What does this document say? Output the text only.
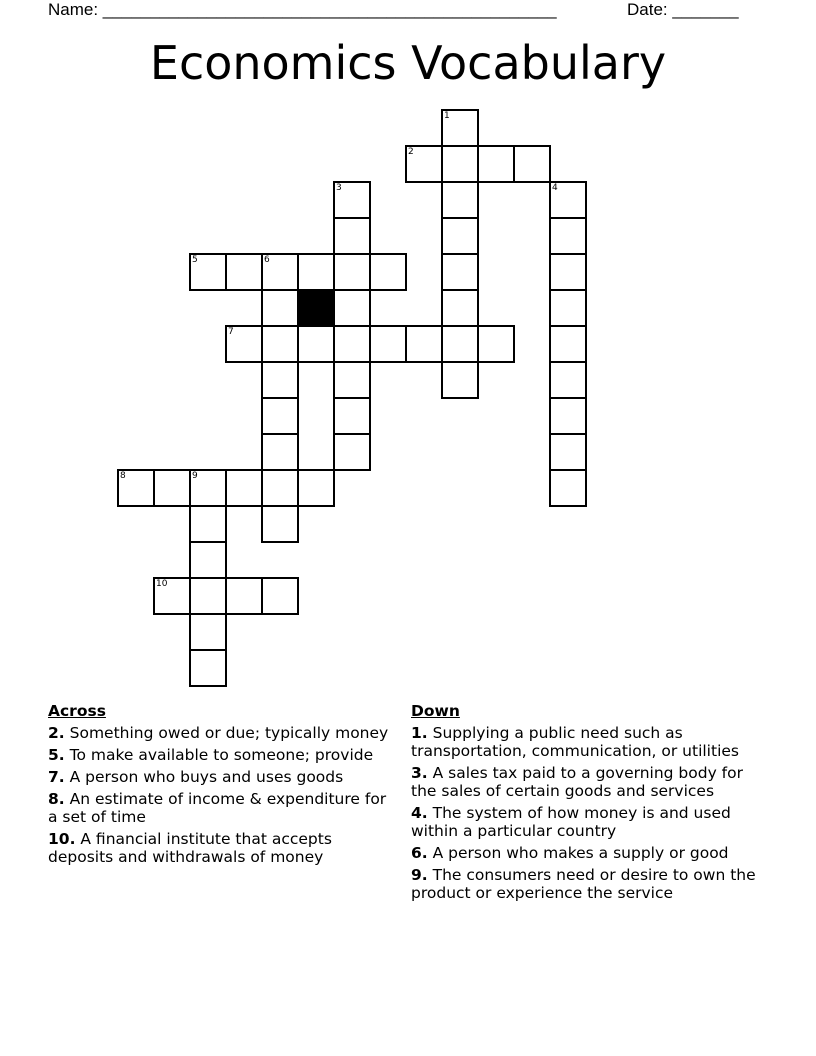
Name: ________________________________________________	Date: _______
Economics Vocabulary
1
2
3	4
5	6
7
8	9
10
Across
2. Something owed or due; typically money
5. To make available to someone; provide
7. A person who buys and uses goods
8. An estimate of income & expenditure for a set of time
10. A financial institute that accepts deposits and withdrawals of money
Down
1. Supplying a public need such as transportation, communication, or utilities
3. A sales tax paid to a governing body for the sales of certain goods and services
4. The system of how money is and used within a particular country
6. A person who makes a supply or good
9. The consumers need or desire to own the product or experience the service
